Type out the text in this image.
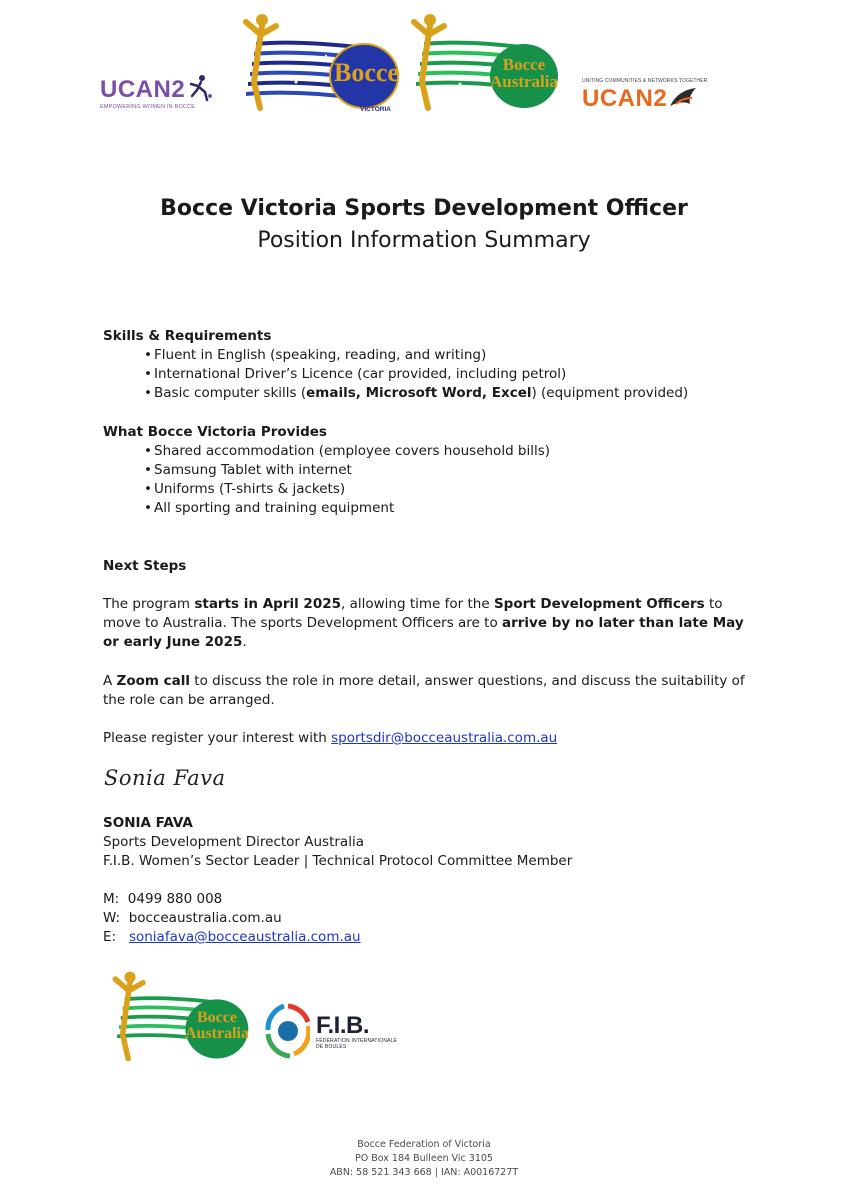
UCAN2
EMPOWERING WOMEN IN BOCCE
Bocce
VICTORIA
Bocce
Australia	UNITING COMMUNITIES & NETWORKS TOGETHER
UCAN2
Bocce Victoria Sports Development Officer
Position Information Summary
Skills & Requirements
• Fluent in English (speaking, reading, and writing)
• International Driver’s Licence (car provided, including petrol)
• Basic computer skills (emails, Microsoft Word, Excel) (equipment provided)
What Bocce Victoria Provides
• Shared accommodation (employee covers household bills)
• Samsung Tablet with internet
• Uniforms (T-shirts & jackets)
• All sporting and training equipment
Next Steps
The program starts in April 2025, allowing time for the Sport Development Officers to move to Australia. The sports Development Officers are to arrive by no later than late May or early June 2025.
A Zoom call to discuss the role in more detail, answer questions, and discuss the suitability of the role can be arranged.
Please register your interest with sportsdir@bocceaustralia.com.au
Sonia Fava
SONIA FAVA
Sports Development Director Australia
F.I.B. Women’s Sector Leader | Technical Protocol Committee Member
M: 0499 880 008
W: bocceaustralia.com.au
E: soniafava@bocceaustralia.com.au
Bocce
Australia	F.I.B.
FÉDÉRATION INTERNATIONALE
DE BOULES
Bocce Federation of Victoria
PO Box 184 Bulleen Vic 3105
ABN: 58 521 343 668 | IAN: A0016727T
